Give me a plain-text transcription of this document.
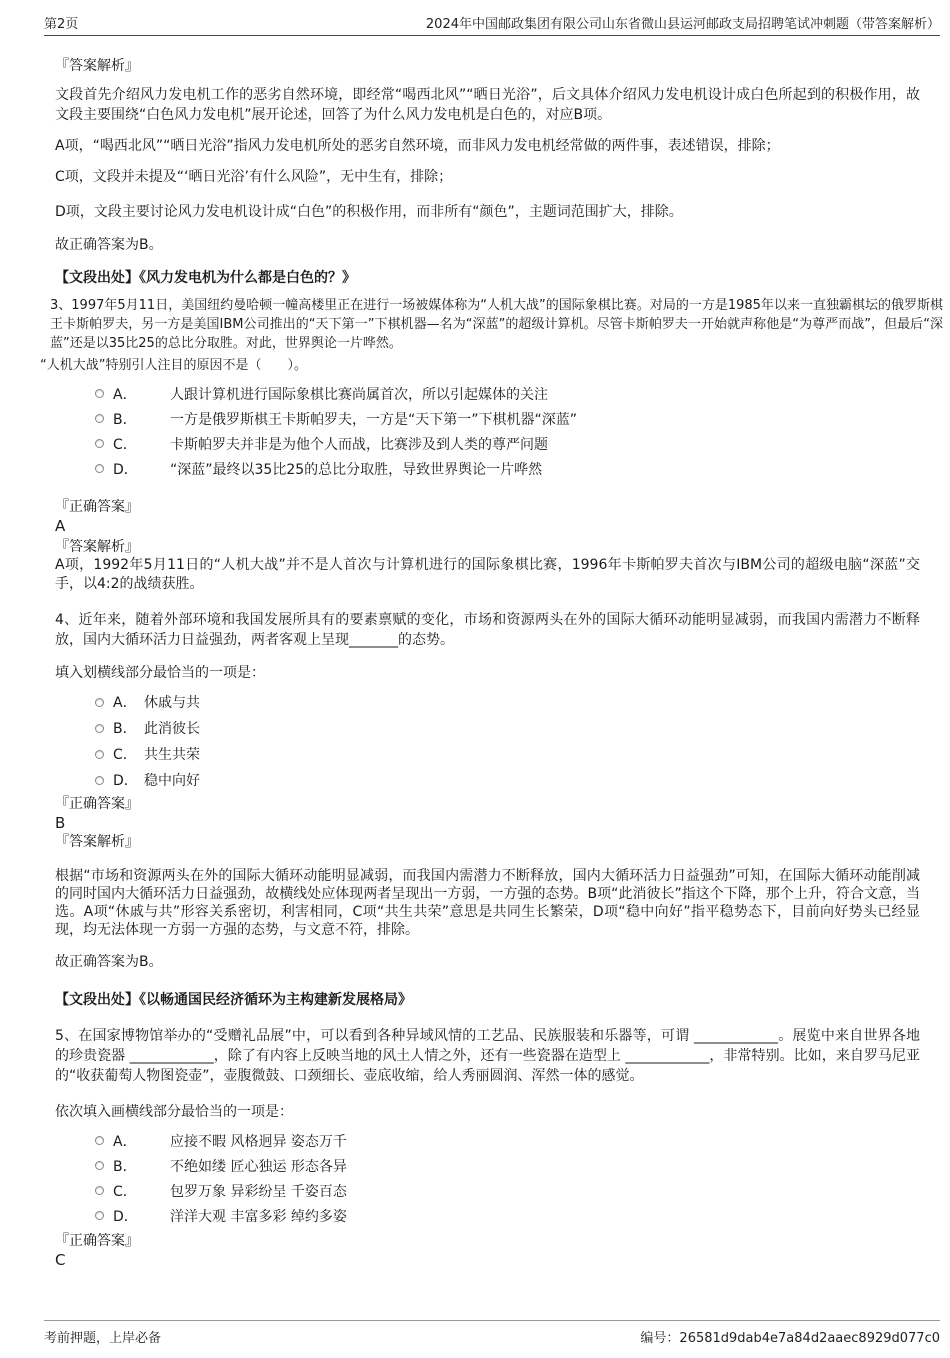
第2页	2024年中国邮政集团有限公司山东省微山县运河邮政支局招聘笔试冲刺题（带答案解析）
『答案解析』

文段首先介绍风力发电机工作的恶劣自然环境，即经常“喝西北风”“晒日光浴”，后文具体介绍风力发电机设计成白色所起到的积极作用，故文段主要围绕“白色风力发电机”展开论述，回答了为什么风力发电机是白色的，对应B项。

A项，“喝西北风”“晒日光浴”指风力发电机所处的恶劣自然环境，而非风力发电机经常做的两件事，表述错误，排除；

C项，文段并未提及“‘晒日光浴’有什么风险”，无中生有，排除；

D项，文段主要讨论风力发电机设计成“白色”的积极作用，而非所有“颜色”，主题词范围扩大，排除。

故正确答案为B。

【文段出处】《风力发电机为什么都是白色的？》

3、1997年5月11日，美国纽约曼哈顿一幢高楼里正在进行一场被媒体称为“人机大战”的国际象棋比赛。对局的一方是1985年以来一直独霸棋坛的俄罗斯棋王卡斯帕罗夫，另一方是美国IBM公司推出的“天下第一”下棋机器—名为“深蓝”的超级计算机。尽管卡斯帕罗夫一开始就声称他是“为尊严而战”，但最后“深蓝”还是以35比25的总比分取胜。对此，世界舆论一片哗然。

“人机大战”特别引人注目的原因不是（　　）。

A．	人跟计算机进行国际象棋比赛尚属首次，所以引起媒体的关注
B．	一方是俄罗斯棋王卡斯帕罗夫，一方是“天下第一”下棋机器“深蓝”
C．	卡斯帕罗夫并非是为他个人而战，比赛涉及到人类的尊严问题
D．	“深蓝”最终以35比25的总比分取胜，导致世界舆论一片哗然
『正确答案』
A
『答案解析』

A项，1992年5月11日的“人机大战”并不是人首次与计算机进行的国际象棋比赛，1996年卡斯帕罗夫首次与IBM公司的超级电脑“深蓝”交手，以4:2的战绩获胜。

4、近年来，随着外部环境和我国发展所具有的要素禀赋的变化，市场和资源两头在外的国际大循环动能明显减弱，而我国内需潜力不断释放，国内大循环活力日益强劲，两者客观上呈现_______的态势。

填入划横线部分最恰当的一项是：

A． 休戚与共
B． 此消彼长
C． 共生共荣
D． 稳中向好
『正确答案』
B
『答案解析』

根据“市场和资源两头在外的国际大循环动能明显减弱，而我国内需潜力不断释放，国内大循环活力日益强劲”可知，在国际大循环动能削减的同时国内大循环活力日益强劲，故横线处应体现两者呈现出一方弱，一方强的态势。B项“此消彼长”指这个下降，那个上升，符合文意，当选。A项“休戚与共”形容关系密切，利害相同，C项“共生共荣”意思是共同生长繁荣，D项“稳中向好”指平稳势态下，目前向好势头已经显现，均无法体现一方弱一方强的态势，与文意不符，排除。

故正确答案为B。

【文段出处】《以畅通国民经济循环为主构建新发展格局》

5、在国家博物馆举办的“受赠礼品展”中，可以看到各种异域风情的工艺品、民族服装和乐器等，可谓 ____________。展览中来自世界各地的珍贵瓷器 ____________，除了有内容上反映当地的风土人情之外，还有一些瓷器在造型上 ____________，非常特别。比如，来自罗马尼亚的“收获葡萄人物图瓷壶”，壶腹微鼓、口颈细长、壶底收缩，给人秀丽圆润、浑然一体的感觉。

依次填入画横线部分最恰当的一项是：

A．	应接不暇 风格迥异 姿态万千
B．	不绝如缕 匠心独运 形态各异
C．	包罗万象 异彩纷呈 千姿百态
D．	洋洋大观 丰富多彩 绰约多姿
『正确答案』
C
考前押题，上岸必备	编号：26581d9dab4e7a84d2aaec8929d077c0
